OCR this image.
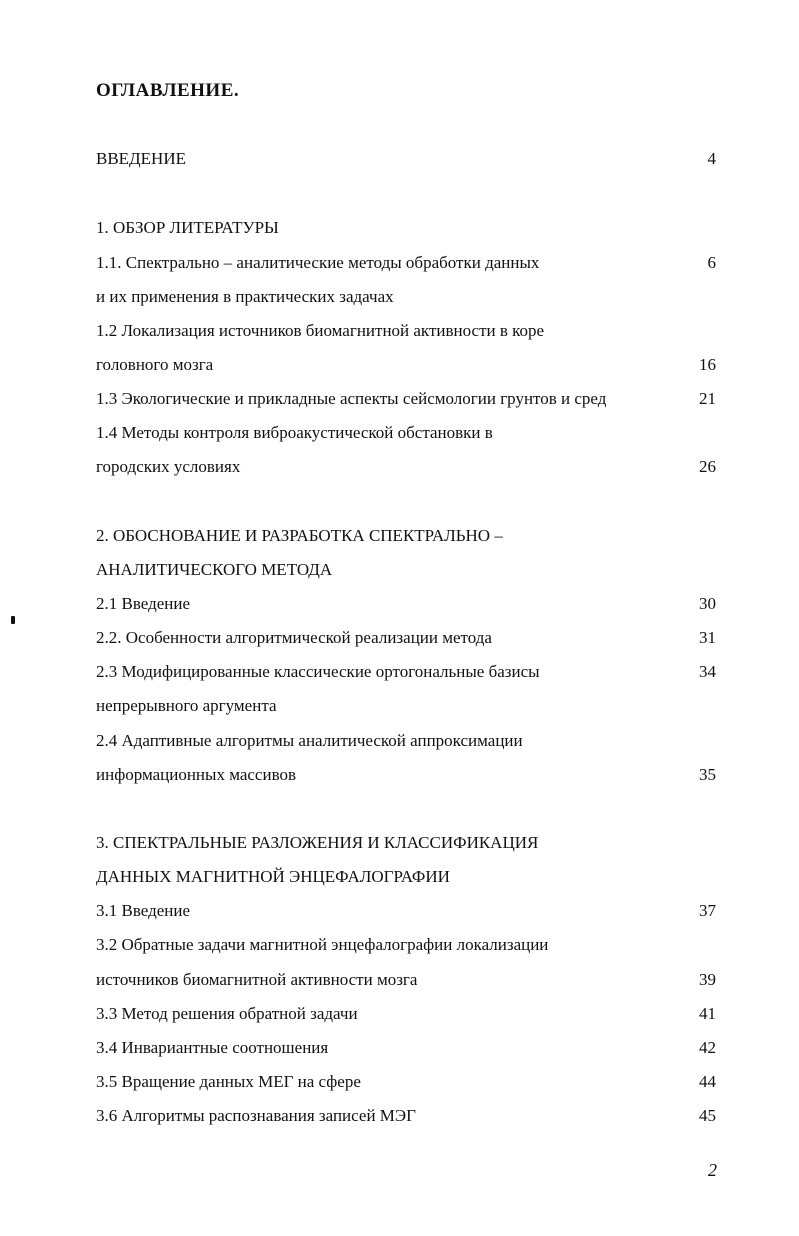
ОГЛАВЛЕНИЕ.
ВВЕДЕНИЕ	4
1. ОБЗОР ЛИТЕРАТУРЫ
1.1. Спектрально – аналитические методы обработки данных	6
и их применения в практических задачах
1.2 Локализация источников биомагнитной активности в коре
головного мозга	16
1.3 Экологические и прикладные аспекты сейсмологии грунтов и сред	21
1.4 Методы контроля виброакустической обстановки в
городских условиях	26
2. ОБОСНОВАНИЕ И РАЗРАБОТКА СПЕКТРАЛЬНО –
АНАЛИТИЧЕСКОГО МЕТОДА
2.1 Введение	30
2.2. Особенности алгоритмической реализации метода	31
2.3 Модифицированные классические ортогональные базисы	34
непрерывного аргумента
2.4 Адаптивные алгоритмы аналитической аппроксимации
информационных массивов	35
3. СПЕКТРАЛЬНЫЕ РАЗЛОЖЕНИЯ И КЛАССИФИКАЦИЯ
ДАННЫХ МАГНИТНОЙ ЭНЦЕФАЛОГРАФИИ
3.1 Введение	37
3.2 Обратные задачи магнитной энцефалографии локализации
источников биомагнитной активности мозга	39
3.3 Метод решения обратной задачи	41
3.4 Инвариантные соотношения	42
3.5 Вращение данных МЕГ на сфере	44
3.6 Алгоритмы распознавания записей МЭГ	45
2
